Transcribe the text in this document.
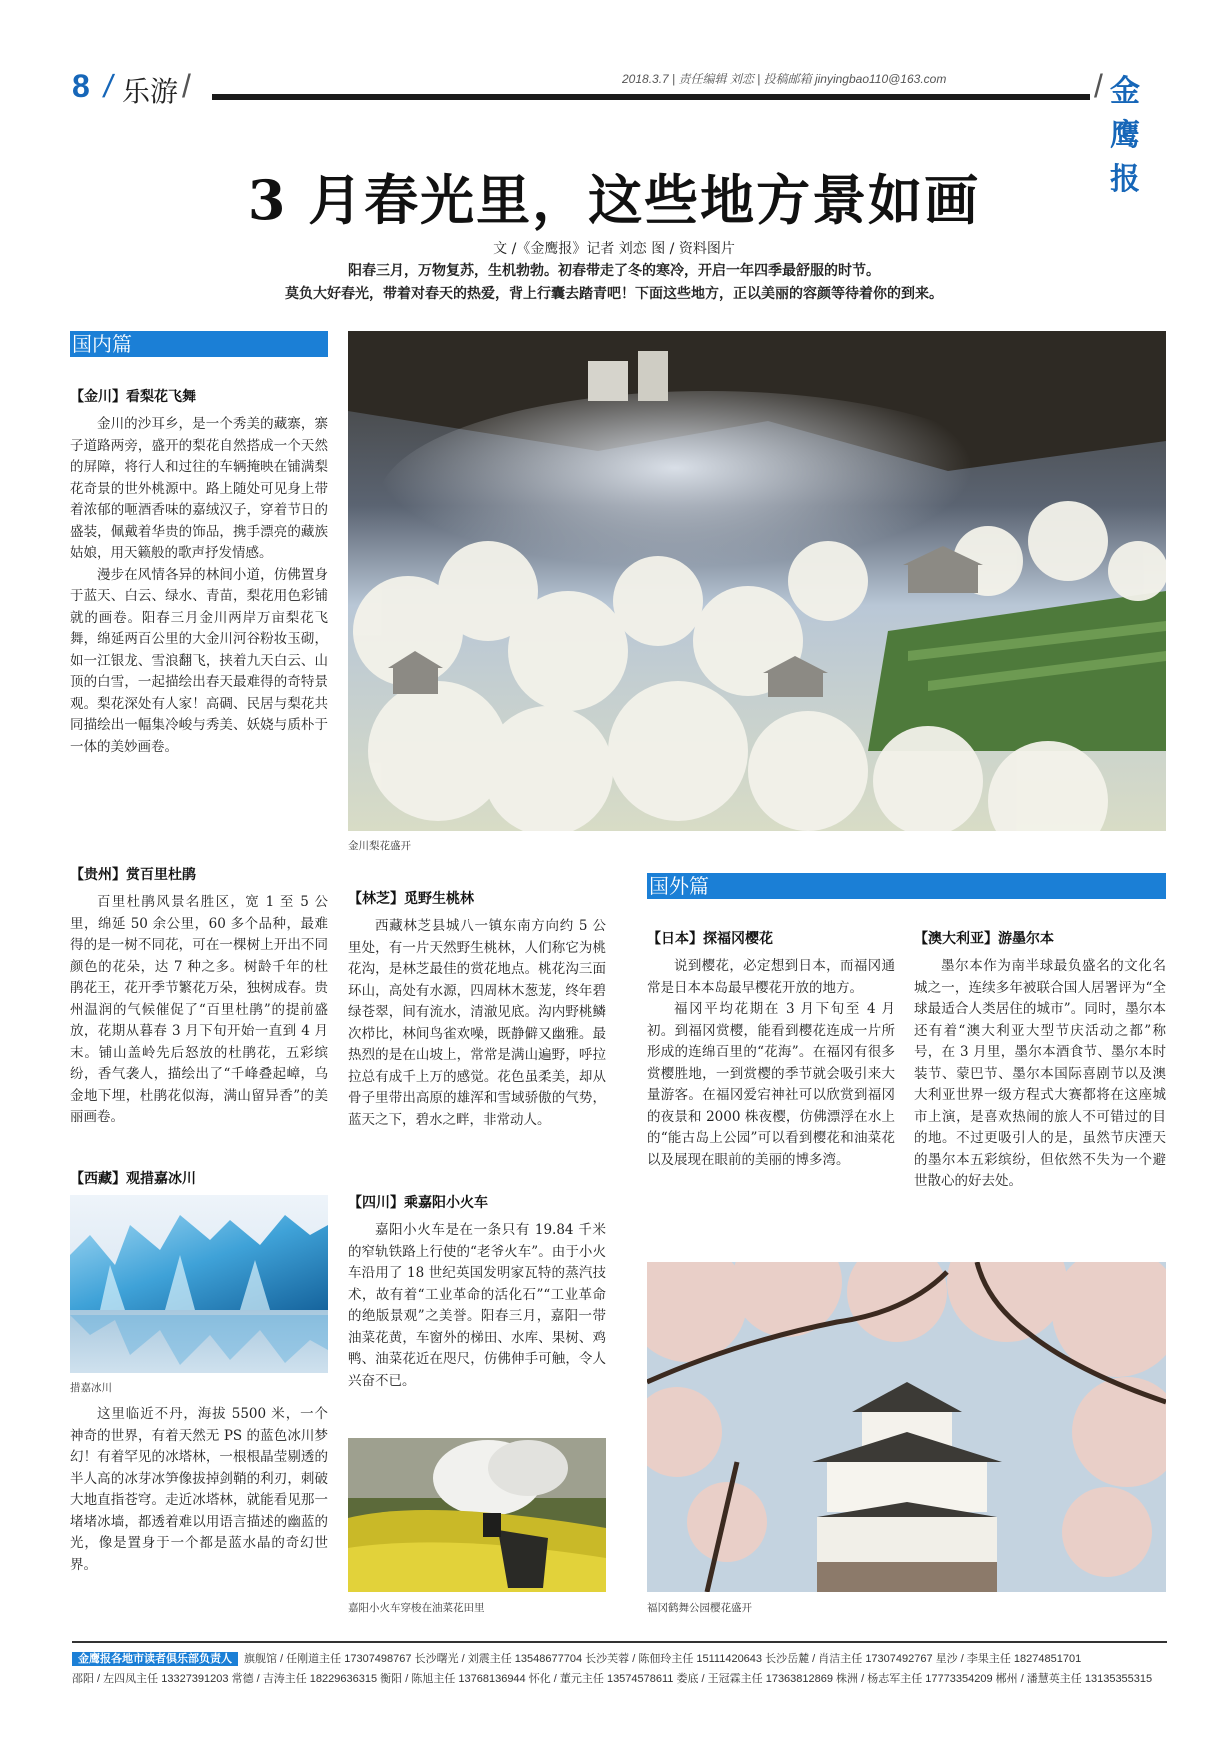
8 / 乐游 /	2018.3.7 | 责任编辑 刘恋 | 投稿邮箱 jinyingbao110@163.com	/ 金鹰报
3 月春光里，这些地方景如画
文 /《金鹰报》记者 刘恋 图 / 资料图片
阳春三月，万物复苏，生机勃勃。初春带走了冬的寒冷，开启一年四季最舒服的时节。
莫负大好春光，带着对春天的热爱，背上行囊去踏青吧！下面这些地方，正以美丽的容颜等待着你的到来。
国内篇
【金川】看梨花飞舞

金川的沙耳乡，是一个秀美的藏寨，寨子道路两旁，盛开的梨花自然搭成一个天然的屏障，将行人和过往的车辆掩映在铺满梨花奇景的世外桃源中。路上随处可见身上带着浓郁的咂酒香味的嘉绒汉子，穿着节日的盛装，佩戴着华贵的饰品，携手漂亮的藏族姑娘，用天籁般的歌声抒发情感。

漫步在风情各异的林间小道，仿佛置身于蓝天、白云、绿水、青苗，梨花用色彩铺就的画卷。阳春三月金川两岸万亩梨花飞舞，绵延两百公里的大金川河谷粉妆玉砌，如一江银龙、雪浪翻飞，挟着九天白云、山顶的白雪，一起描绘出春天最难得的奇特景观。梨花深处有人家！高碉、民居与梨花共同描绘出一幅集冷峻与秀美、妖娆与质朴于一体的美妙画卷。

【贵州】赏百里杜鹃

百里杜鹃风景名胜区，宽 1 至 5 公里，绵延 50 余公里，60 多个品种，最难得的是一树不同花，可在一棵树上开出不同颜色的花朵，达 7 种之多。树龄千年的杜鹃花王，花开季节繁花万朵，独树成春。贵州温润的气候催促了“百里杜鹃”的提前盛放，花期从暮春 3 月下旬开始一直到 4 月末。铺山盖岭先后怒放的杜鹃花，五彩缤纷，香气袭人，描绘出了“千峰叠起嶂，乌金地下埋，杜鹃花似海，满山留异香”的美丽画卷。

【西藏】观措嘉冰川
措嘉冰川

这里临近不丹，海拔 5500 米，一个神奇的世界，有着天然无 PS 的蓝色冰川梦幻！有着罕见的冰塔林，一根根晶莹剔透的半人高的冰芽冰笋像拔掉剑鞘的利刃，刺破大地直指苍穹。走近冰塔林，就能看见那一堵堵冰墙，都透着难以用语言描述的幽蓝的光，像是置身于一个都是蓝水晶的奇幻世界。

金川梨花盛开
【林芝】觅野生桃林

西藏林芝县城八一镇东南方向约 5 公里处，有一片天然野生桃林，人们称它为桃花沟，是林芝最佳的赏花地点。桃花沟三面环山，高处有水源，四周林木葱茏，终年碧绿苍翠，间有流水，清澈见底。沟内野桃鳞次栉比，林间鸟雀欢噪，既静僻又幽雅。最热烈的是在山坡上，常常是满山遍野，呼拉拉总有成千上万的感觉。花色虽柔美，却从骨子里带出高原的雄浑和雪域骄傲的气势，蓝天之下，碧水之畔，非常动人。

【四川】乘嘉阳小火车

嘉阳小火车是在一条只有 19.84 千米的窄轨铁路上行使的“老爷火车”。由于小火车沿用了 18 世纪英国发明家瓦特的蒸汽技术，故有着“工业革命的活化石”“工业革命的绝版景观”之美誉。阳春三月，嘉阳一带油菜花黄，车窗外的梯田、水库、果树、鸡鸭、油菜花近在咫尺，仿佛伸手可触，令人兴奋不已。

嘉阳小火车穿梭在油菜花田里
国外篇
【日本】探福冈樱花

说到樱花，必定想到日本，而福冈通常是日本本岛最早樱花开放的地方。

福冈平均花期在 3 月下旬至 4 月初。到福冈赏樱，能看到樱花连成一片所形成的连绵百里的“花海”。在福冈有很多赏樱胜地，一到赏樱的季节就会吸引来大量游客。在福冈爱宕神社可以欣赏到福冈的夜景和 2000 株夜樱，仿佛漂浮在水上的“能古岛上公园”可以看到樱花和油菜花以及展现在眼前的美丽的博多湾。

【澳大利亚】游墨尔本

墨尔本作为南半球最负盛名的文化名城之一，连续多年被联合国人居署评为“全球最适合人类居住的城市”。同时，墨尔本还有着“澳大利亚大型节庆活动之都”称号，在 3 月里，墨尔本酒食节、墨尔本时装节、蒙巴节、墨尔本国际喜剧节以及澳大利亚世界一级方程式大赛都将在这座城市上演，是喜欢热闹的旅人不可错过的目的地。不过更吸引人的是，虽然节庆湮天的墨尔本五彩缤纷，但依然不失为一个避世散心的好去处。

福冈鹤舞公园樱花盛开
金鹰报各地市读者俱乐部负责人 旗舰馆 / 任刚道主任 17307498767 长沙曙光 / 刘震主任 13548677704 长沙芙蓉 / 陈佃玲主任 15111420643 长沙岳麓 / 肖洁主任 17307492767 星沙 / 李果主任 18274851701
邵阳 / 左四凤主任 13327391203 常德 / 吉涛主任 18229636315 衡阳 / 陈旭主任 13768136944 怀化 / 董元主任 13574578611 娄底 / 王冠霖主任 17363812869 株洲 / 杨志军主任 17773354209 郴州 / 潘慧英主任 13135355315
